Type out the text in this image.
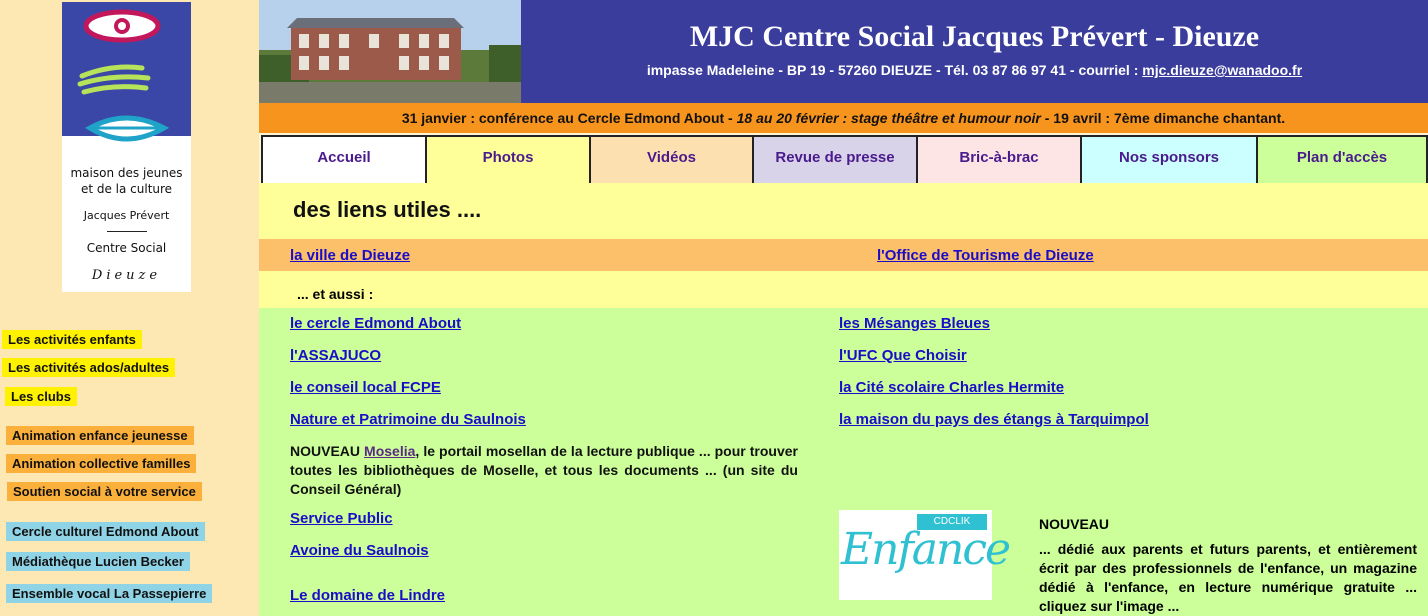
maison des jeunes
et de la culture
Jacques Prévert
Centre Social
Dieuze
Les activités enfants
Les activités ados/adultes
Les clubs
Animation enfance jeunesse
Animation collective familles
Soutien social à votre service
Cercle culturel Edmond About
Médiathèque Lucien Becker
Ensemble vocal La Passepierre
MJC Centre Social Jacques Prévert - Dieuze
impasse Madeleine - BP 19 - 57260 DIEUZE - Tél. 03 87 86 97 41 - courriel : mjc.dieuze@wanadoo.fr
31 janvier : conférence au Cercle Edmond About - 18 au 20 février : stage théâtre et humour noir - 19 avril : 7ème dimanche chantant.
Accueil	Photos	Vidéos	Revue de presse	Bric-à-brac	Nos sponsors	Plan d'accès
des liens utiles ....
la ville de Dieuze	l'Office de Tourisme de Dieuze
... et aussi :
le cercle Edmond About
l'ASSAJUCO
le conseil local FCPE
Nature et Patrimoine du Saulnois
les Mésanges Bleues
l'UFC Que Choisir
la Cité scolaire Charles Hermite
la maison du pays des étangs à Tarquimpol
NOUVEAU Moselia, le portail mosellan de la lecture publique ... pour trouver toutes les bibliothèques de Moselle, et tous les documents ... (un site du Conseil Général)
Service Public
Avoine du Saulnois
Le domaine de Lindre
CDCLIK
Enfance NOUVEAU
... dédié aux parents et futurs parents, et entièrement écrit par des professionnels de l'enfance, un magazine dédié à l'enfance, en lecture numérique gratuite ... cliquez sur l'image ...
